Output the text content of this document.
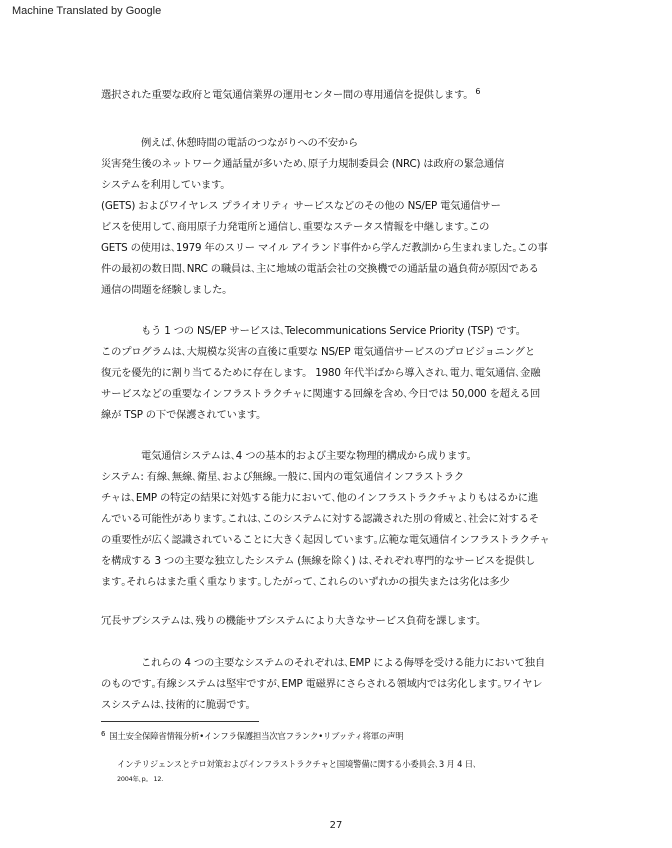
Machine Translated by Google
選択された重要な政府と電気通信業界の運用センター間の専用通信を提供します。 $^6$
例えば､休憩時間の電話のつながりへの不安から
災害発生後のネットワーク通話量が多いため､原子力規制委員会 (NRC) は政府の緊急通信
システムを利用しています。
(GETS) およびワイヤレス プライオリティ サービスなどのその他の NS/EP 電気通信サー
ビスを使用して､商用原子力発電所と通信し､重要なステータス情報を中継します｡この
GETS の使用は､1979 年のスリー マイル アイランド事件から学んだ教訓から生まれました｡この事
件の最初の数日間､NRC の職員は､主に地域の電話会社の交換機での通話量の過負荷が原因である
通信の問題を経験しました。
もう 1 つの NS/EP サービスは､Telecommunications Service Priority (TSP) です。
このプログラムは､大規模な災害の直後に重要な NS/EP 電気通信サービスのプロビジョニングと
復元を優先的に割り当てるために存在します。 1980 年代半ばから導入され､電力､電気通信､金融
サービスなどの重要なインフラストラクチャに関連する回線を含め､今日では 50,000 を超える回
線が TSP の下で保護されています。
電気通信システムは､4 つの基本的および主要な物理的構成から成ります。
システム: 有線､無線､衛星､および無線｡一般に､国内の電気通信インフラストラク
チャは､EMP の特定の結果に対処する能力において､他のインフラストラクチャよりもはるかに進
んでいる可能性があります｡これは､このシステムに対する認識された別の脅威と､社会に対するそ
の重要性が広く認識されていることに大きく起因しています｡広範な電気通信インフラストラクチャ
を構成する 3 つの主要な独立したシステム (無線を除く) は､それぞれ専門的なサービスを提供し
ます｡それらはまた重く重なります｡したがって､これらのいずれかの損失または劣化は多少
冗長サブシステムは､残りの機能サブシステムにより大きなサービス負荷を課します。
これらの 4 つの主要なシステムのそれぞれは､EMP による侮辱を受ける能力において独自
のものです｡有線システムは堅牢ですが､EMP 電磁界にさらされる領域内では劣化します｡ワイヤレ
スシステムは､技術的に脆弱です。
$^6$ 国土安全保障省情報分析•インフラ保護担当次官フランク•リブッティ将軍の声明
インテリジェンスとテロ対策およびインフラストラクチャと国境警備に関する小委員会､3 月 4 日､
2004年､p。 12.
27
